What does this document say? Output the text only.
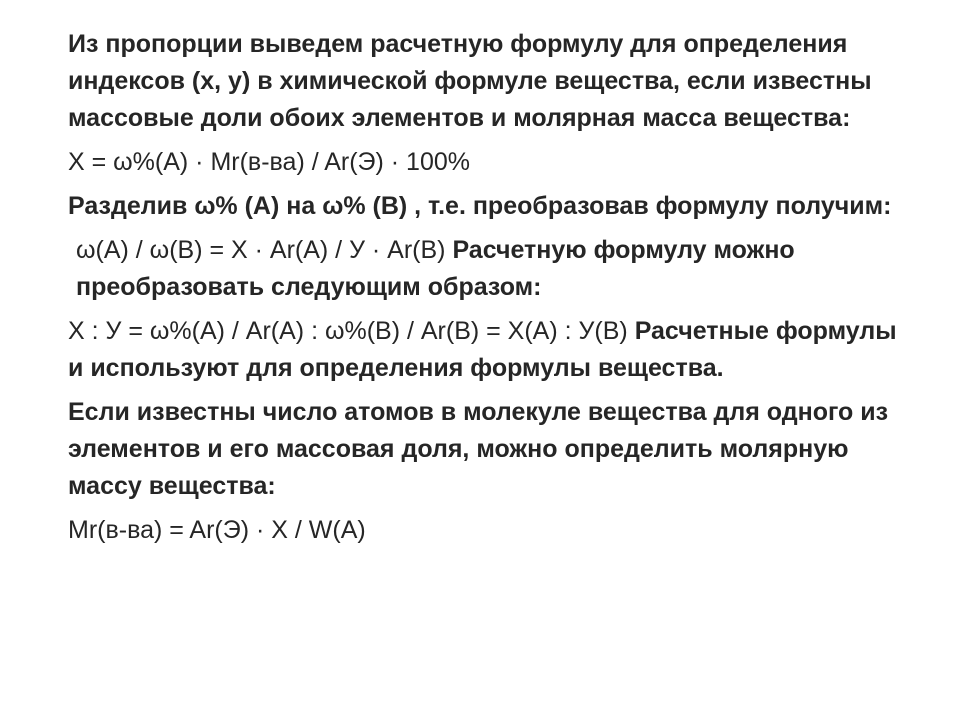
Из пропорции выведем расчетную формулу для определения индексов (х, у) в химической формуле вещества, если известны массовые доли обоих элементов и молярная масса вещества:

Х = ω%(А) · Mr(в-ва) / Ar(Э) · 100%

Разделив ω% (А) на ω% (В) , т.е. преобразовав формулу получим:

ω(А) / ω(В) = Х · Ar(А) / У · Ar(В) Расчетную формулу можно преобразовать следующим образом:

Х : У = ω%(А) / Ar(А) : ω%(В) / Ar(В) = Х(А) : У(В) Расчетные формулы и используют для определения формулы вещества.

Если известны число атомов в молекуле вещества для одного из элементов и его массовая доля, можно определить молярную массу вещества:

Mr(в-ва) = Ar(Э) · Х / W(A)
